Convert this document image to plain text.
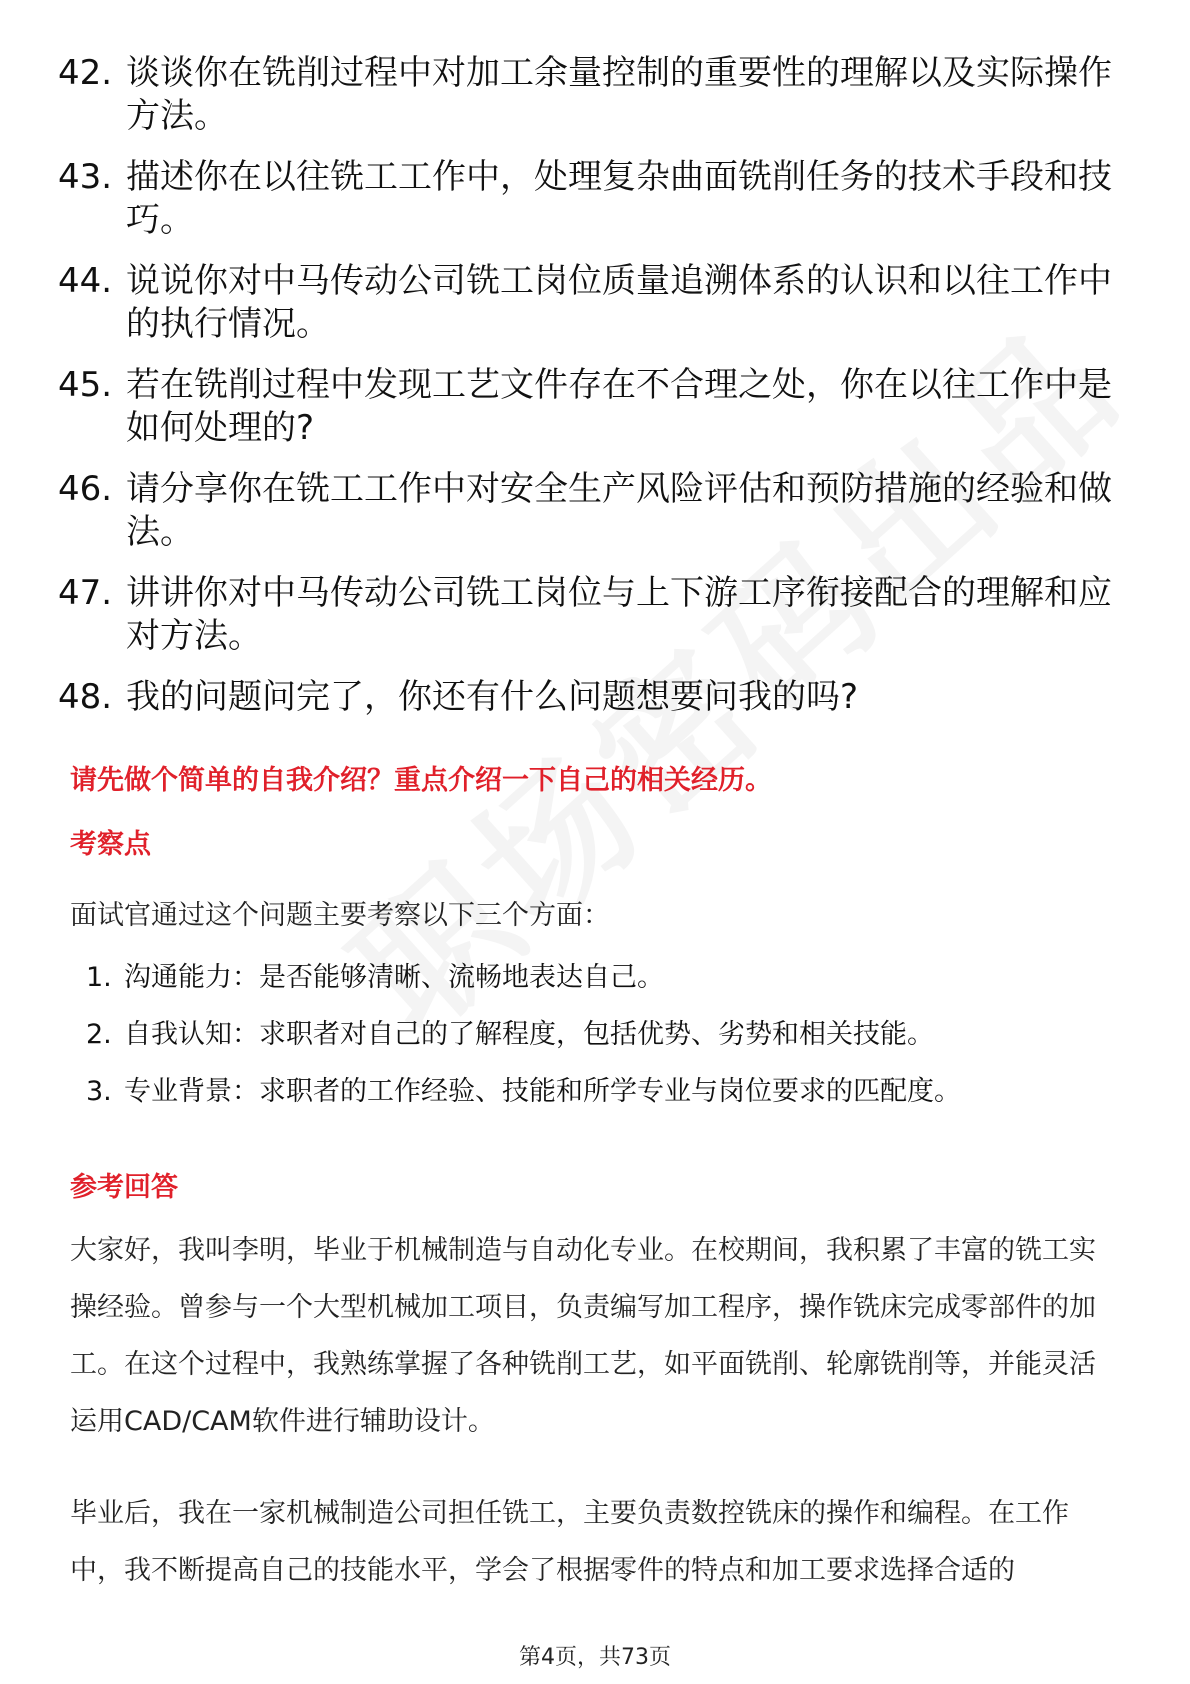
42. 谈谈你在铣削过程中对加工余量控制的重要性的理解以及实际操作方法。
43. 描述你在以往铣工工作中，处理复杂曲面铣削任务的技术手段和技巧。
44. 说说你对中马传动公司铣工岗位质量追溯体系的认识和以往工作中的执行情况。
45. 若在铣削过程中发现工艺文件存在不合理之处，你在以往工作中是如何处理的?
46. 请分享你在铣工工作中对安全生产风险评估和预防措施的经验和做法。
47. 讲讲你对中马传动公司铣工岗位与上下游工序衔接配合的理解和应对方法。
48. 我的问题问完了，你还有什么问题想要问我的吗?
请先做个简单的自我介绍？重点介绍一下自己的相关经历。
考察点
面试官通过这个问题主要考察以下三个方面：
1. 沟通能力：是否能够清晰、流畅地表达自己。
2. 自我认知：求职者对自己的了解程度，包括优势、劣势和相关技能。
3. 专业背景：求职者的工作经验、技能和所学专业与岗位要求的匹配度。
参考回答

大家好，我叫李明，毕业于机械制造与自动化专业。在校期间，我积累了丰富的铣工实操经验。曾参与一个大型机械加工项目，负责编写加工程序，操作铣床完成零部件的加工。在这个过程中，我熟练掌握了各种铣削工艺，如平面铣削、轮廓铣削等，并能灵活运用CAD/CAM软件进行辅助设计。

毕业后，我在一家机械制造公司担任铣工，主要负责数控铣床的操作和编程。在工作中，我不断提高自己的技能水平，学会了根据零件的特点和加工要求选择合适的

第4页，共73页
